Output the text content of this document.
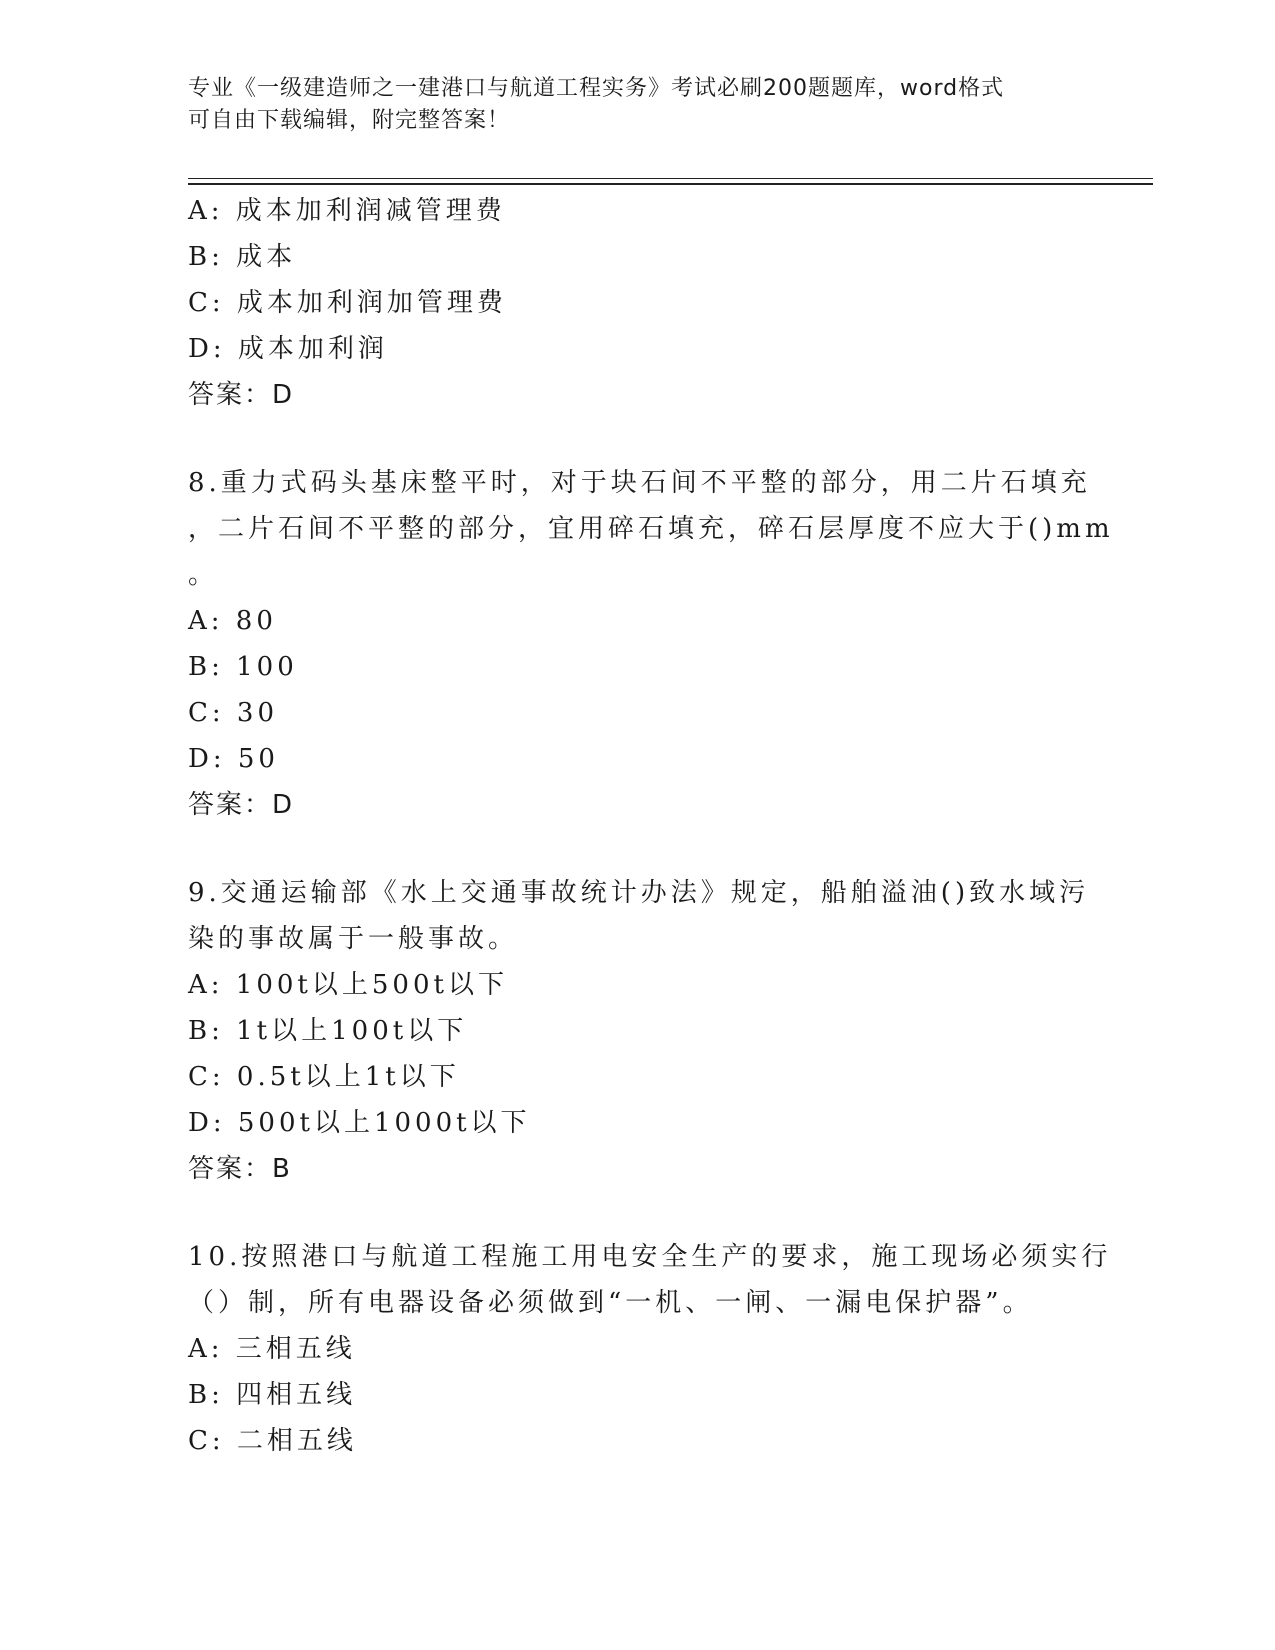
专业《一级建造师之一建港口与航道工程实务》考试必刷200题题库，word格式
可自由下载编辑，附完整答案！
A: 成本加利润减管理费
B: 成本
C: 成本加利润加管理费
D: 成本加利润
答案：D
8.重力式码头基床整平时，对于块石间不平整的部分，用二片石填充
，二片石间不平整的部分，宜用碎石填充，碎石层厚度不应大于()mm
。
A: 80
B: 100
C: 30
D: 50
答案：D
9.交通运输部《水上交通事故统计办法》规定，船舶溢油()致水域污
染的事故属于一般事故。
A: 100t以上500t以下
B: 1t以上100t以下
C: 0.5t以上1t以下
D: 500t以上1000t以下
答案：B
10.按照港口与航道工程施工用电安全生产的要求，施工现场必须实行
（）制，所有电器设备必须做到“一机、一闸、一漏电保护器”。
A: 三相五线
B: 四相五线
C: 二相五线
